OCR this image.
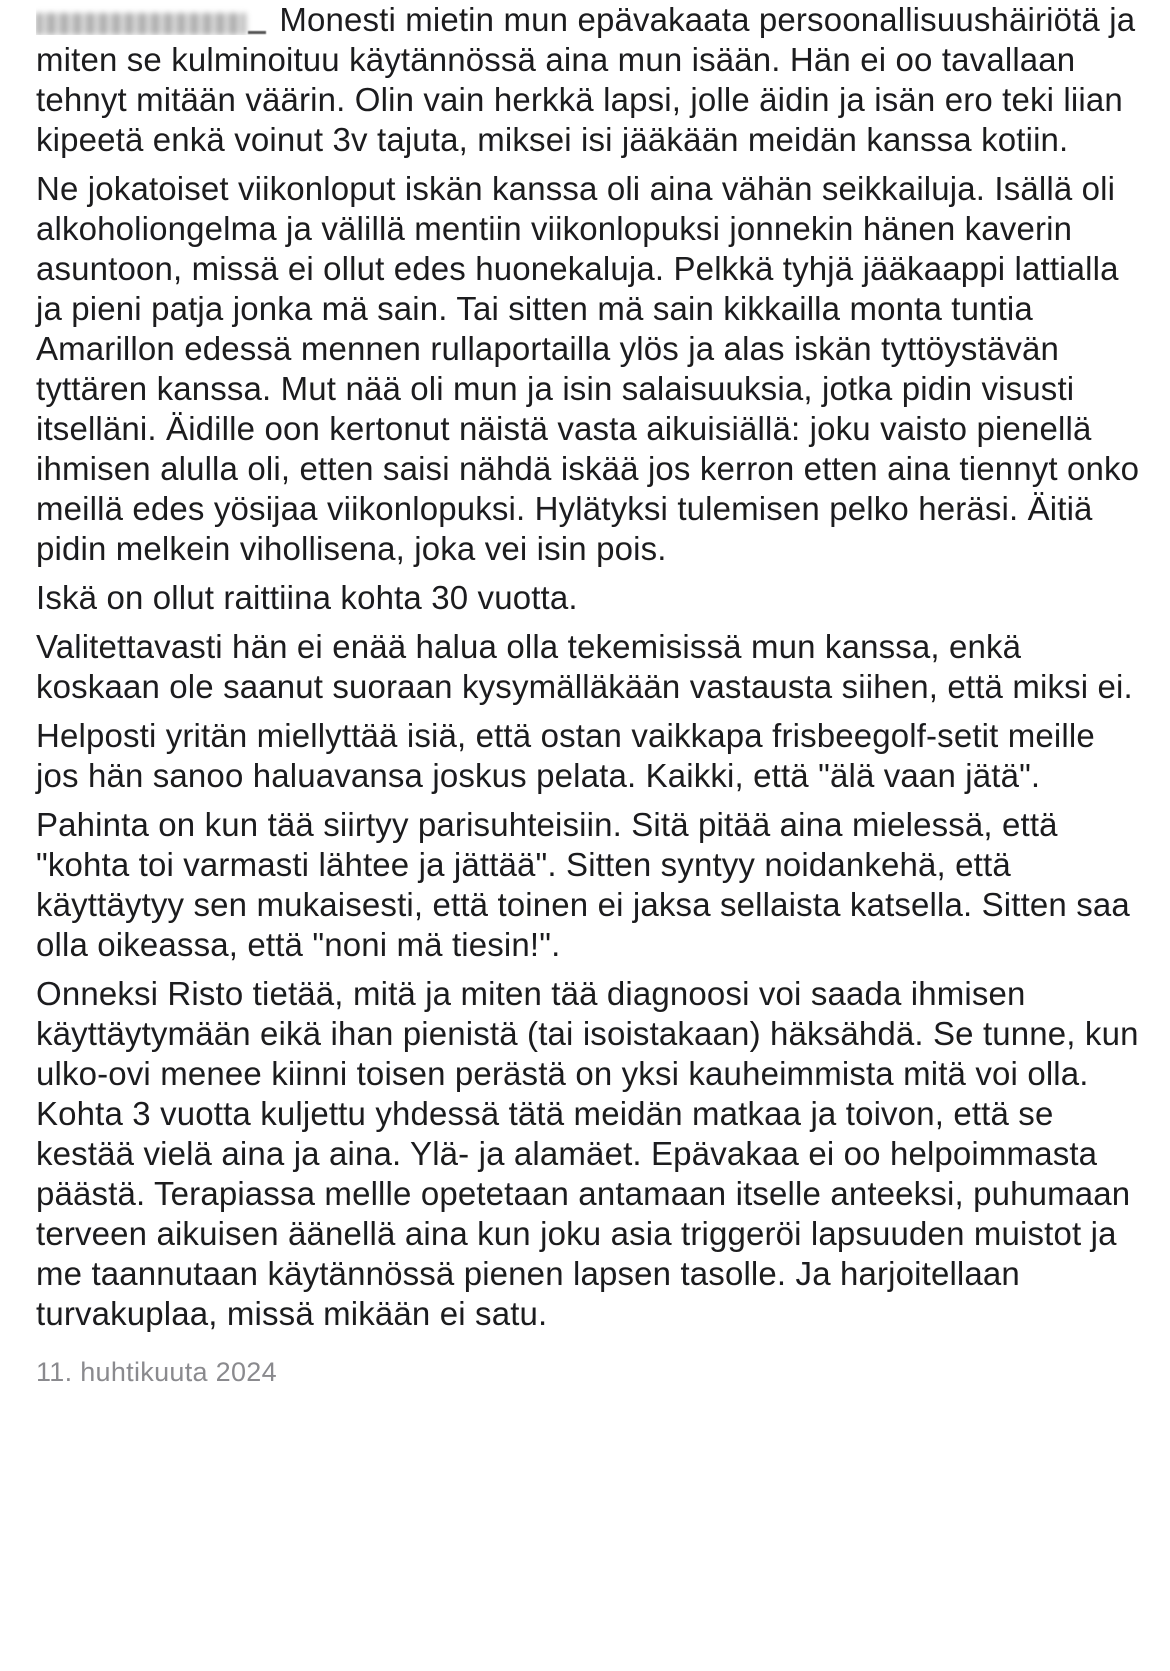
Monesti mietin mun epävakaata persoonallisuushäiriötä ja miten se kulminoituu käytännössä aina mun isään. Hän ei oo tavallaan tehnyt mitään väärin. Olin vain herkkä lapsi, jolle äidin ja isän ero teki liian kipeetä enkä voinut 3v tajuta, miksei isi jääkään meidän kanssa kotiin.

Ne jokatoiset viikonloput iskän kanssa oli aina vähän seikkailuja. Isällä oli alkoholiongelma ja välillä mentiin viikonlopuksi jonnekin hänen kaverin asuntoon, missä ei ollut edes huonekaluja. Pelkkä tyhjä jääkaappi lattialla ja pieni patja jonka mä sain. Tai sitten mä sain kikkailla monta tuntia Amarillon edessä mennen rullaportailla ylös ja alas iskän tyttöystävän tyttären kanssa. Mut nää oli mun ja isin salaisuuksia, jotka pidin visusti itselläni. Äidille oon kertonut näistä vasta aikuisiällä: joku vaisto pienellä ihmisen alulla oli, etten saisi nähdä iskää jos kerron etten aina tiennyt onko meillä edes yösijaa viikonlopuksi. Hylätyksi tulemisen pelko heräsi. Äitiä pidin melkein vihollisena, joka vei isin pois.

Iskä on ollut raittiina kohta 30 vuotta.

Valitettavasti hän ei enää halua olla tekemisissä mun kanssa, enkä koskaan ole saanut suoraan kysymälläkään vastausta siihen, että miksi ei.

Helposti yritän miellyttää isiä, että ostan vaikkapa frisbeegolf-setit meille jos hän sanoo haluavansa joskus pelata. Kaikki, että "älä vaan jätä".

Pahinta on kun tää siirtyy parisuhteisiin. Sitä pitää aina mielessä, että "kohta toi varmasti lähtee ja jättää". Sitten syntyy noidankehä, että käyttäytyy sen mukaisesti, että toinen ei jaksa sellaista katsella. Sitten saa olla oikeassa, että "noni mä tiesin!".

Onneksi Risto tietää, mitä ja miten tää diagnoosi voi saada ihmisen käyttäytymään eikä ihan pienistä (tai isoistakaan) häksähdä. Se tunne, kun ulko-ovi menee kiinni toisen perästä on yksi kauheimmista mitä voi olla. Kohta 3 vuotta kuljettu yhdessä tätä meidän matkaa ja toivon, että se kestää vielä aina ja aina. Ylä- ja alamäet. Epävakaa ei oo helpoimmasta päästä. Terapiassa mellle opetetaan antamaan itselle anteeksi, puhumaan terveen aikuisen äänellä aina kun joku asia triggeröi lapsuuden muistot ja me taannutaan käytännössä pienen lapsen tasolle. Ja harjoitellaan turvakuplaa, missä mikään ei satu.

11. huhtikuuta 2024
